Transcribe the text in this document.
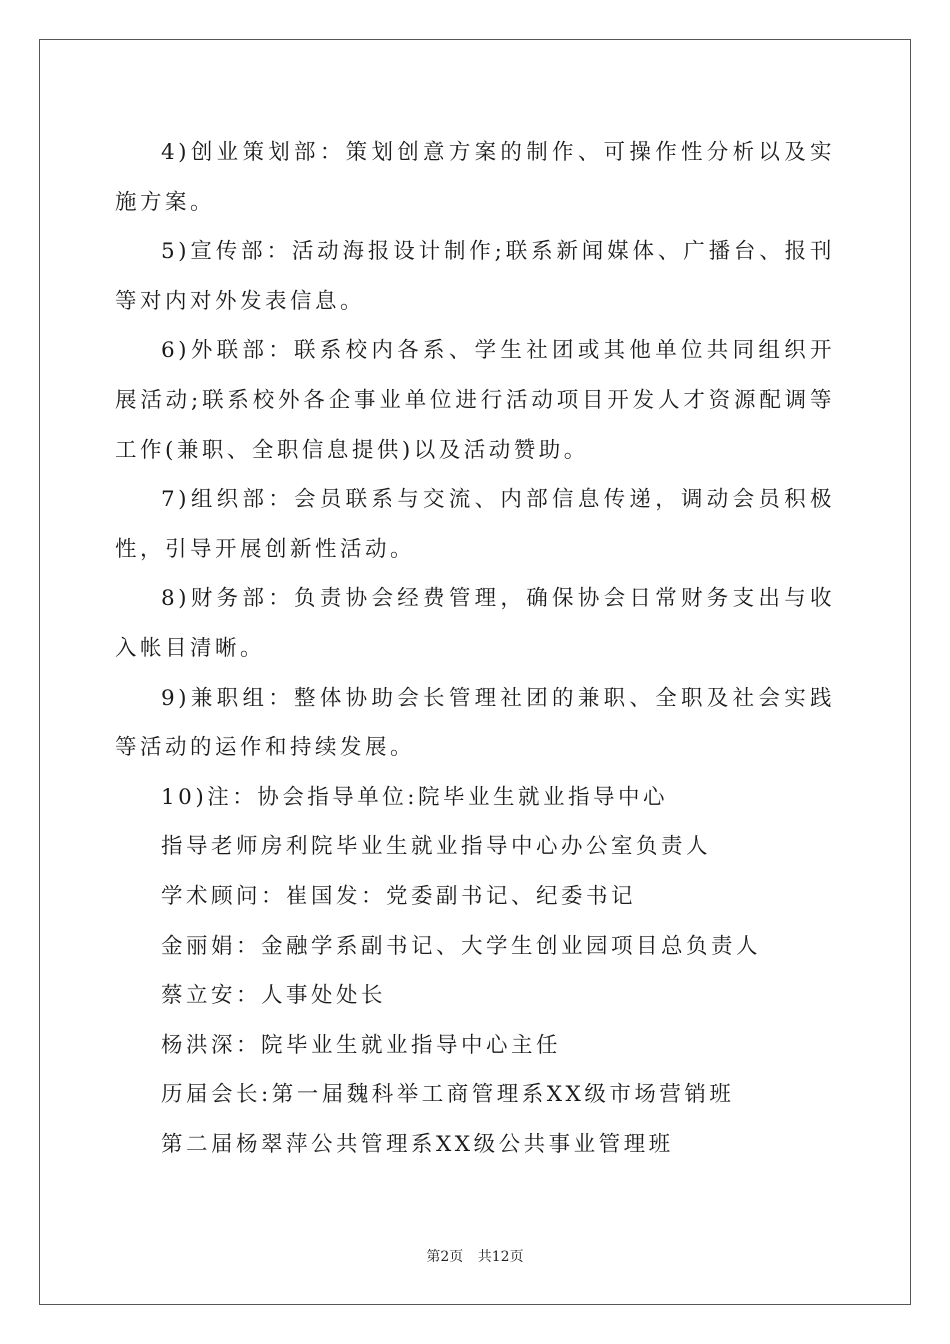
4)创业策划部：策划创意方案的制作、可操作性分析以及实施方案。

5)宣传部：活动海报设计制作;联系新闻媒体、广播台、报刊等对内对外发表信息。

6)外联部：联系校内各系、学生社团或其他单位共同组织开展活动;联系校外各企事业单位进行活动项目开发人才资源配调等工作(兼职、全职信息提供)以及活动赞助。

7)组织部：会员联系与交流、内部信息传递，调动会员积极性，引导开展创新性活动。

8)财务部：负责协会经费管理，确保协会日常财务支出与收入帐目清晰。

9)兼职组：整体协助会长管理社团的兼职、全职及社会实践等活动的运作和持续发展。

10)注：协会指导单位:院毕业生就业指导中心

指导老师房利院毕业生就业指导中心办公室负责人

学术顾问：崔国发：党委副书记、纪委书记

金丽娟：金融学系副书记、大学生创业园项目总负责人

蔡立安：人事处处长

杨洪深：院毕业生就业指导中心主任

历届会长:第一届魏科举工商管理系XX级市场营销班

第二届杨翠萍公共管理系XX级公共事业管理班

第2页 共12页
